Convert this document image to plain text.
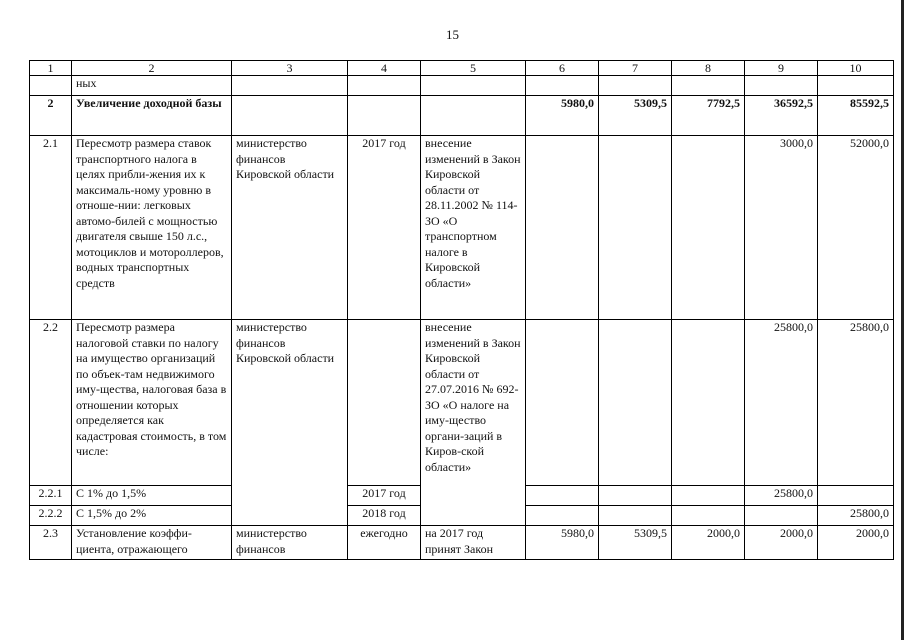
15
1	2	3	4	5	6	7	8	9	10
	ных								
2	Увеличение доходной базы				5980,0	5309,5	7792,5	36592,5	85592,5
2.1	Пересмотр размера ставок транспортного налога в целях прибли-жения их к максималь-ному уровню в отноше-нии: легковых автомо-билей с мощностью двигателя свыше 150 л.с., мотоциклов и мотороллеров, водных транспортных средств	министерство финансов Кировской области	2017 год	внесение изменений в Закон Кировской области от 28.11.2002 № 114-ЗО «О транспортном налоге в Кировской области»				3000,0	52000,0
2.2	Пересмотр размера налоговой ставки по налогу на имущество организаций по объек-там недвижимого иму-щества, налоговая база в отношении которых определяется как кадастровая стоимость, в том числе:	министерство финансов Кировской области		внесение изменений в Закон Кировской области от 27.07.2016 № 692-ЗО «О налоге на иму-щество органи-заций в Киров-ской области»				25800,0	25800,0
2.2.1	С 1% до 1,5%		2017 год					25800,0	
2.2.2	С 1,5% до 2%		2018 год						25800,0
2.3	Установление коэффи-циента, отражающего	министерство финансов	ежегодно	на 2017 год принят Закон	5980,0	5309,5	2000,0	2000,0	2000,0
